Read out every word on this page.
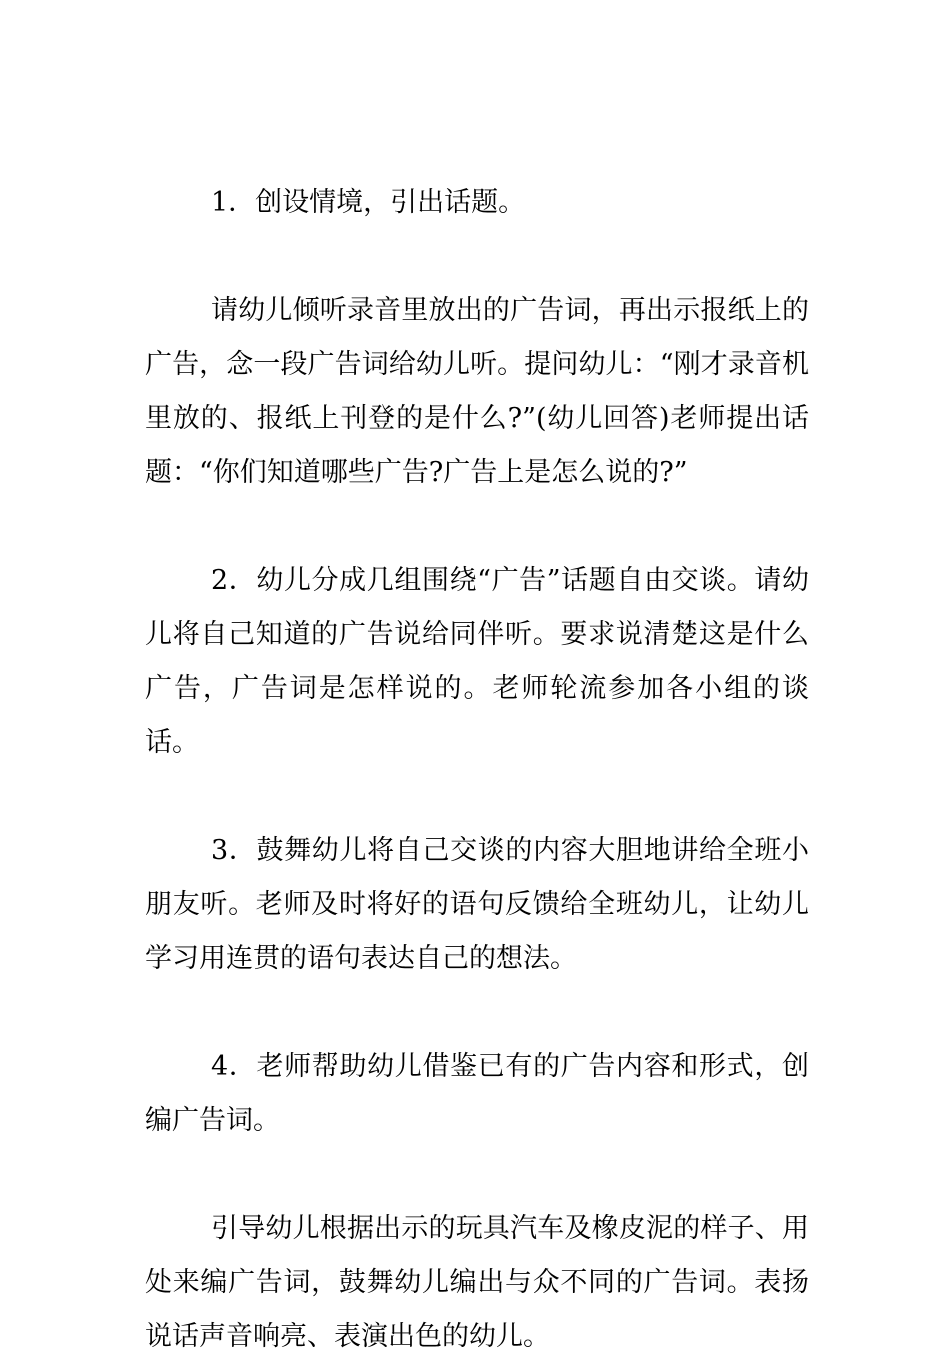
1．创设情境，引出话题。

请幼儿倾听录音里放出的广告词，再出示报纸上的广告，念一段广告词给幼儿听。提问幼儿：“刚才录音机里放的、报纸上刊登的是什么?”(幼儿回答)老师提出话题：“你们知道哪些广告?广告上是怎么说的?”

2．幼儿分成几组围绕“广告”话题自由交谈。请幼儿将自己知道的广告说给同伴听。要求说清楚这是什么广告，广告词是怎样说的。老师轮流参加各小组的谈话。

3．鼓舞幼儿将自己交谈的内容大胆地讲给全班小朋友听。老师及时将好的语句反馈给全班幼儿，让幼儿学习用连贯的语句表达自己的想法。

4．老师帮助幼儿借鉴已有的广告内容和形式，创编广告词。

引导幼儿根据出示的玩具汽车及橡皮泥的样子、用处来编广告词，鼓舞幼儿编出与众不同的广告词。表扬说话声音响亮、表演出色的幼儿。
